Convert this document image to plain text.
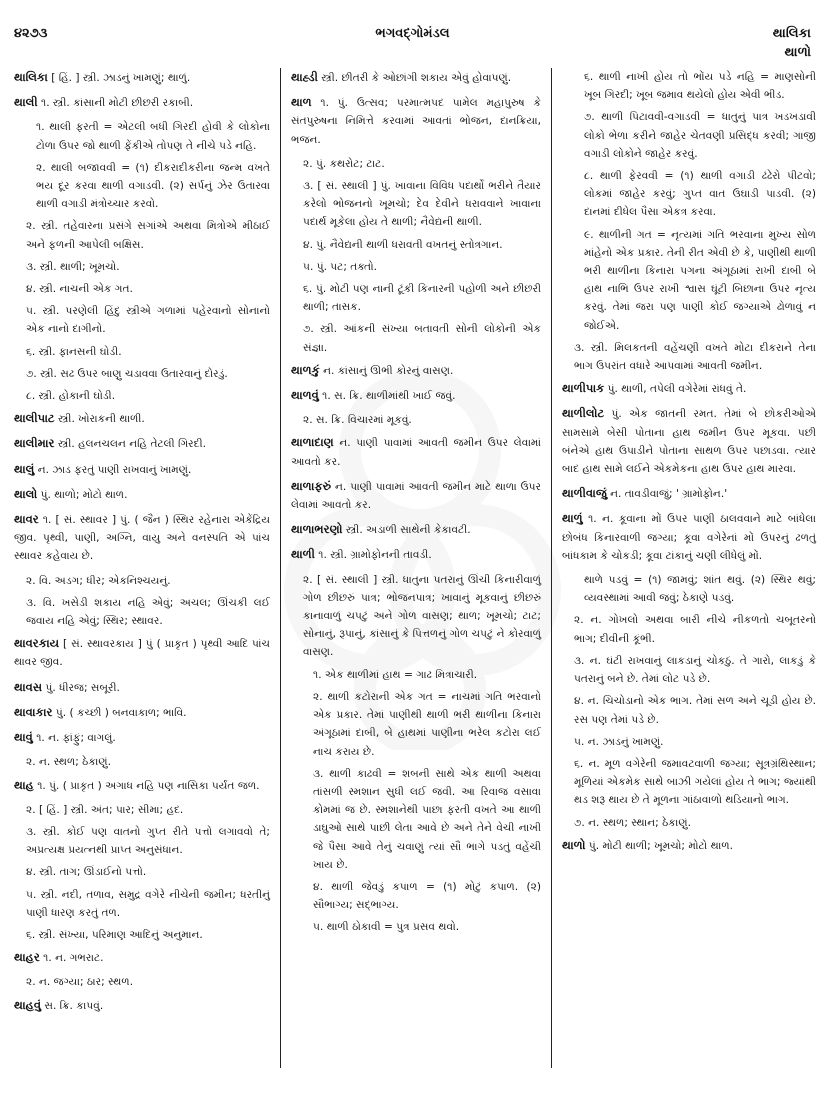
૪૨૭૩	ભગવદ્ગોમંડલ	થાલિકા
થાળો
થાલિકા [ હિં. ] સ્ત્રી. ઝાડનું ખામણું; થાળું.
થાલી ૧. સ્ત્રી. કાંસાની મોટી છીછરી રકાબી.
૧. થાલી ફરતી = એટલી બધી ગિરદી હોવી કે લોકોના ટોળા ઉપર જો થાળી ફેંકીએ તોપણ તે નીચે પડે નહિ.
૨. થાલી બજાવવી = (૧) દીકરાદીકરીના જન્મ વખતે ભય દૂર કરવા થાળી વગાડવી. (૨) સર્પનું ઝેર ઉતારવા થાળી વગાડી મંત્રોચ્ચાર કરવો.
૨. સ્ત્રી. તહેવારના પ્રસંગે સગાંએ અથવા મિત્રોએ મીઠાઈ અને ફળની આપેલી બક્ષિસ.
૩. સ્ત્રી. થાળી; ખૂમચો.
૪. સ્ત્રી. નાચની એક ગત.
૫. સ્ત્રી. પરણેલી હિંદુ સ્ત્રીએ ગળામાં પહેરવાનો સોનાનો એક નાનો દાગીનો.
૬. સ્ત્રી. ફાનસની ઘોડી.
૭. સ્ત્રી. સઢ ઉપર બાણુ ચડાવવા ઉતારવાનું દોરડું.
૮. સ્ત્રી. હોકાની ઘોડી.
થાલીપાટ સ્ત્રી. ખોરાકની થાળી.
થાલીમાર સ્ત્રી. હલનચલન નહિ તેટલી ગિરદી.
થાલું ન. ઝાડ ફરતું પાણી રાખવાનું ખામણું.
થાલો પું. થાળો; મોટો થાળ.
થાવર ૧. [ સં. સ્થાવર ] પું. ( જૈન ) સ્થિર રહેનારા એકેંદ્રિય જીવ. પૃથ્વી, પાણી, અગ્નિ, વાયુ અને વનસ્પતિ એ પાંચ સ્થાવર કહેવાય છે.
૨. વિ. અડગ; ધીર; એકનિશ્ચયનું.
૩. વિ. ખસેડી શકાય નહિ એવું; અચલ; ઊંચકી લઈ જવાય નહિ એવું; સ્થિર; સ્થાવર.
થાવરકાય [ સં. સ્થાવરકાય ] પું ( પ્રાકૃત ) પૃથ્વી આદિ પાંચ થાવર જીવ.
થાવસ પું. ધીરજ; સબૂરી.
થાવાકાર પું. ( કચ્છી ) બનવાકાળ; ભાવિ.
થાવું ૧. ન. ફાંફું; વાગલું.
૨. ન. સ્થળ; ઠેકાણું.
થાહ ૧. પું. ( પ્રાકૃત ) અગાધ નહિ પણ નાસિકા પર્યંત જળ.
૨. [ હિં. ] સ્ત્રી. અંત; પાર; સીમા; હદ.
૩. સ્ત્રી. કોઈ પણ વાતનો ગુપ્ત રીતે પત્તો લગાવવો તે; અપ્રત્યક્ષ પ્રયત્નથી પ્રાપ્ત અનુસંધાન.
૪. સ્ત્રી. તાગ; ઊંડાઈનો પત્તો.
૫. સ્ત્રી. નદી, તળાવ, સમુદ્ર વગેરે નીચેની જમીન; ધરતીનું પાણી ધારણ કરતું તળ.
૬. સ્ત્રી. સંખ્યા, પરિમાણ આદિનું અનુમાન.
થાહર ૧. ન. ગભરાટ.
૨. ન. જગ્યા; ઠાર; સ્થળ.
થાહવું સ. ક્રિ. કાપવું.
થાહ્ડી સ્ત્રી. છીતરી કે ઓછાંગી શકાય એવું હોવાપણું.
થાળ ૧. પું. ઉત્સવ; પરમાત્મપદ પામેલ મહાપુરુષ કે સંતપુરુષના નિમિત્તે કરવામાં આવતાં ભોજન, દાનક્રિયા, ભજન.
૨. પું. કથરોટ; ટાટ.
૩. [ સં. સ્થાલી ] પું. ખાવાના વિવિધ પદાર્થો ભરીને તૈયાર કરેલો ભોજનનો ખૂમચો; દેવ દેવીને ધરાવવાને ખાવાના પદાર્થ મૂકેલા હોય તે થાળી; નૈવેદ્યની થાળી.
૪. પું. નૈવેદ્યની થાળી ધરાવતી વખતનું સ્તોત્રગાન.
૫. પું. પટ; તક્તો.
૬. પું. મોટી પણ નાની ટૂંકી કિનારની પહોળી અને છીછરી થાળી; તાસક.
૭. સ્ત્રી. આંકની સંખ્યા બતાવતી સોની લોકોની એક સંજ્ઞા.
થાળકું ન. કાંસાનું ઊભી કોરનું વાસણ.
થાળવું ૧. સ. ક્રિ. થાળીમાંથી ખાઈ જવું.
૨. સ. ક્રિ. વિચારમાં મૂકવું.
થાળાદાણ ન. પાણી પાવામાં આવતી જમીન ઉપર લેવામાં આવતો કર.
થાળાફરું ન. પાણી પાવામાં આવતી જમીન માટે થાળા ઉપર લેવામાં આવતો કર.
થાળાભરણો સ્ત્રી. અડાળી સાથેની કેકાવટી.
થાળી ૧. સ્ત્રી. ગ્રામોફોનની તાવડી.
૨. [ સં. સ્થાલી ] સ્ત્રી. ધાતુના પતરાનું ઊંચી કિનારીવાળું ગોળ છીછરું પાત્ર; ભોજનપાત્ર; ખાવાનું મૂકવાનું છીછરું કાનાવાળું ચપટું અને ગોળ વાસણ; થાળ; ખૂમચો; ટાટ; સોનાનું, રૂપાનું, કાંસાનું કે પિત્તળનું ગોળ ચપટું ને કોરવાળું વાસણ.
૧. એક થાળીમાં હાથ = ગાઢ મિત્રાચારી.
૨. થાળી કટોરાની એક ગત = નાચમાં ગતિ ભરવાનો એક પ્રકાર. તેમાં પાણીથી થાળી ભરી થાળીના કિનારા અંગૂઠામાં દાબી, બે હાથમાં પાણીના ભરેલ કટોરા લઈ નાચ કરાય છે.
૩. થાળી કાઢવી = શબની સાથે એક થાળી અથવા તાંસળી સ્મશાન સુધી લઈ જવી. આ રિવાજ વસાવા કોમમાં જ છે. સ્મશાનેથી પાછા ફરતી વખતે આ થાળી ડાઘુઓ સાથે પાછી લેતા આવે છે અને તેને વેચી નાખી જે પૈસા આવે તેનું ચવાણું ત્યાં સૌ ભાગે પડતું વહેંચી ખાય છે.
૪. થાળી જેવડું કપાળ = (૧) મોટું કપાળ. (૨) સૌભાગ્ય; સદ્ભાગ્ય.
૫. થાળી ઠોકાવી = પુત્ર પ્રસવ થવો.
૬. થાળી નાખી હોય તો ભોંય પડે નહિ = માણસોની ખૂબ ગિરદી; ખૂબ જમાવ થયેલો હોય એવી ભીડ.
૭. થાળી પિટાવવી-વગાડવી = ધાતુનું પાત્ર ખડખડાવી લોકો ભેળા કરીને જાહેર ચેતવણી પ્રસિદ્ધ કરવી; ગાજી વગાડી લોકોને જાહેર કરવું.
૮. થાળી ફેરવવી = (૧) થાળી વગાડી ઢંઢેરો પીટવો; લોકમાં જાહેર કરવું; ગુપ્ત વાત ઉઘાડી પાડવી. (૨) દાનમાં દીધેલ પૈસા એકત્ર કરવા.
૯. થાળીની ગત = નૃત્યમાં ગતિ ભરવાના મુખ્ય સોળ માંહેનો એક પ્રકાર. તેની રીત એવી છે કે, પાણીથી થાળી ભરી થાળીના કિનારા પગના અંગૂઠામાં રાખી દાબી બે હાથ નાભિ ઉપર રાખી શ્વાસ ઘૂંટી બિછાના ઉપર નૃત્ય કરવું. તેમાં જરા પણ પાણી કોઈ જગ્યાએ ઢોળાવું ન જોઈએ.
૩. સ્ત્રી. મિલકતની વહેંચણી વખતે મોટા દીકરાને તેના ભાગ ઉપરાંત વધારે આપવામાં આવતી જમીન.
થાળીપાક પું. થાળી, તપેલી વગેરેમાં રાંધવું તે.
થાળીલોટ પું. એક જાતની રમત. તેમાં બે છોકરીઓએ સામસામે બેસી પોતાના હાથ જમીન ઉપર મૂકવા. પછી બંનેએ હાથ ઉપાડીને પોતાના સાથળ ઉપર પછાડવા. ત્યાર બાદ હાથ સામે લઈને એકમેકના હાથ ઉપર હાથ મારવા.
થાળીવાજું ન. તાવડીવાજું; ' ગ્રામોફોન.'
થાળું ૧. ન. કૂવાના મોં ઉપર પાણી ઠાલવવાને માટે બાંધેલા છોબંધ કિનારવાળી જગ્યા; કૂવા વગેરેનાં મોં ઉપરનું ઢળતું બાંધકામ કે ચોકડી; કૂવા ટાંકાનું ચણી લીધેલું મોં.
થાળે પડવું = (૧) જામવું; શાંત થવું. (૨) સ્થિર થવું; વ્યવસ્થામાં આવી જવું; ઠેકાણે પડવું.
૨. ન. ગોખલો અથવા બારી નીચે નીકળતો ચબૂતરનો ભાગ; દીવીની કૂંભી.
૩. ન. ઘંટી રાખવાનું લાકડાનું ચોકઠું. તે ગારો, લાકડું કે પતરાનું બને છે. તેમાં લોટ પડે છે.
૪. ન. ચિચોડાનો એક ભાગ. તેમાં સળ અને ચૂડી હોય છે. રસ પણ તેમાં પડે છે.
૫. ન. ઝાડનું ખામણું.
૬. ન. મૂળ વગેરેની જમાવટવાળી જગ્યા; સૂત્રગ્રંથિસ્થાન; મૂળિયાં એકમેક સાથે બાઝી ગયેલાં હોય તે ભાગ; જ્યાંથી થડ શરૂ થાય છે તે મૂળના ગાંઠાવાળો થડિયાનો ભાગ.
૭. ન. સ્થળ; સ્થાન; ઠેકાણું.
થાળો પું. મોટી થાળી; ખૂમચો; મોટો થાળ.
